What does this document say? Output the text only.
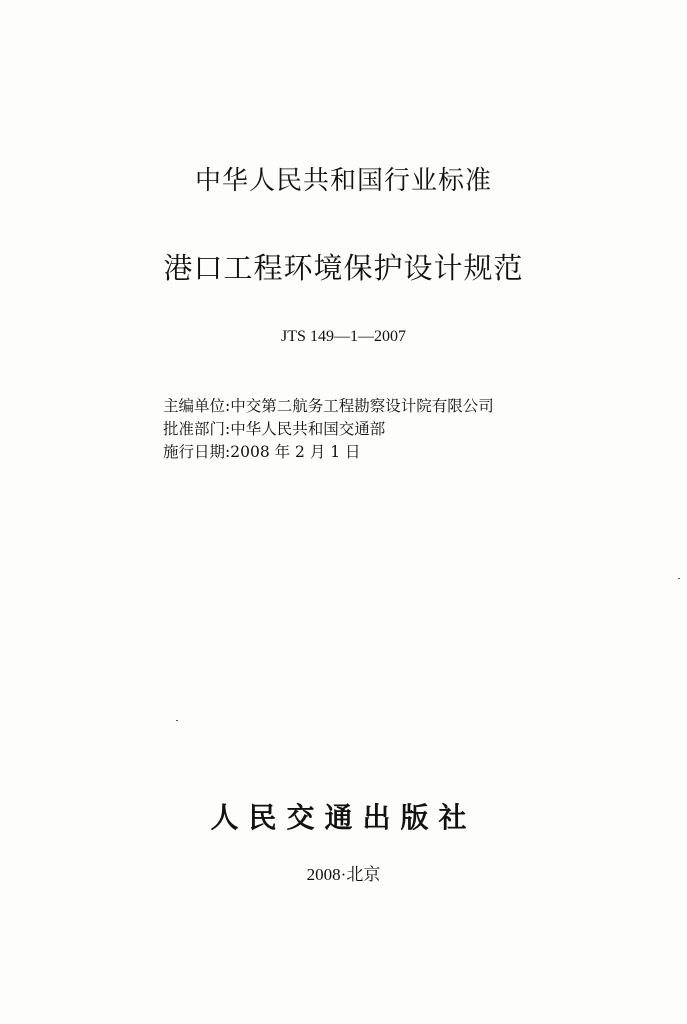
中华人民共和国行业标准
港口工程环境保护设计规范
JTS 149—1—2007
主编单位:中交第二航务工程勘察设计院有限公司
批准部门:中华人民共和国交通部
施行日期:2008 年 2 月 1 日
人民交通出版社
2008·北京
